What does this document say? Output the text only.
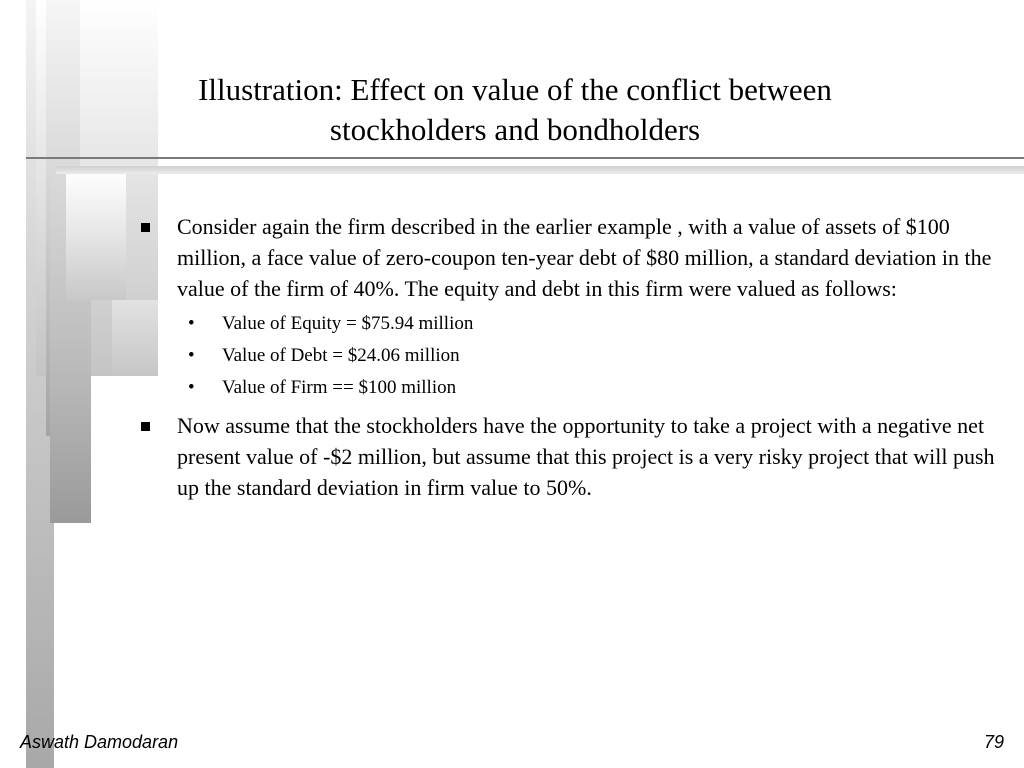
Illustration: Effect on value of the conflict between
stockholders and bondholders
Consider again the firm described in the earlier example , with a value of assets of $100 million, a face value of zero-coupon ten-year debt of $80 million, a standard deviation in the value of the firm of 40%. The equity and debt in this firm were valued as follows:
• Value of Equity = $75.94 million
• Value of Debt = $24.06 million
• Value of Firm == $100 million
Now assume that the stockholders have the opportunity to take a project with a negative net present value of -$2 million, but assume that this project is a very risky project that will push up the standard deviation in firm value to 50%.
Aswath Damodaran	79
